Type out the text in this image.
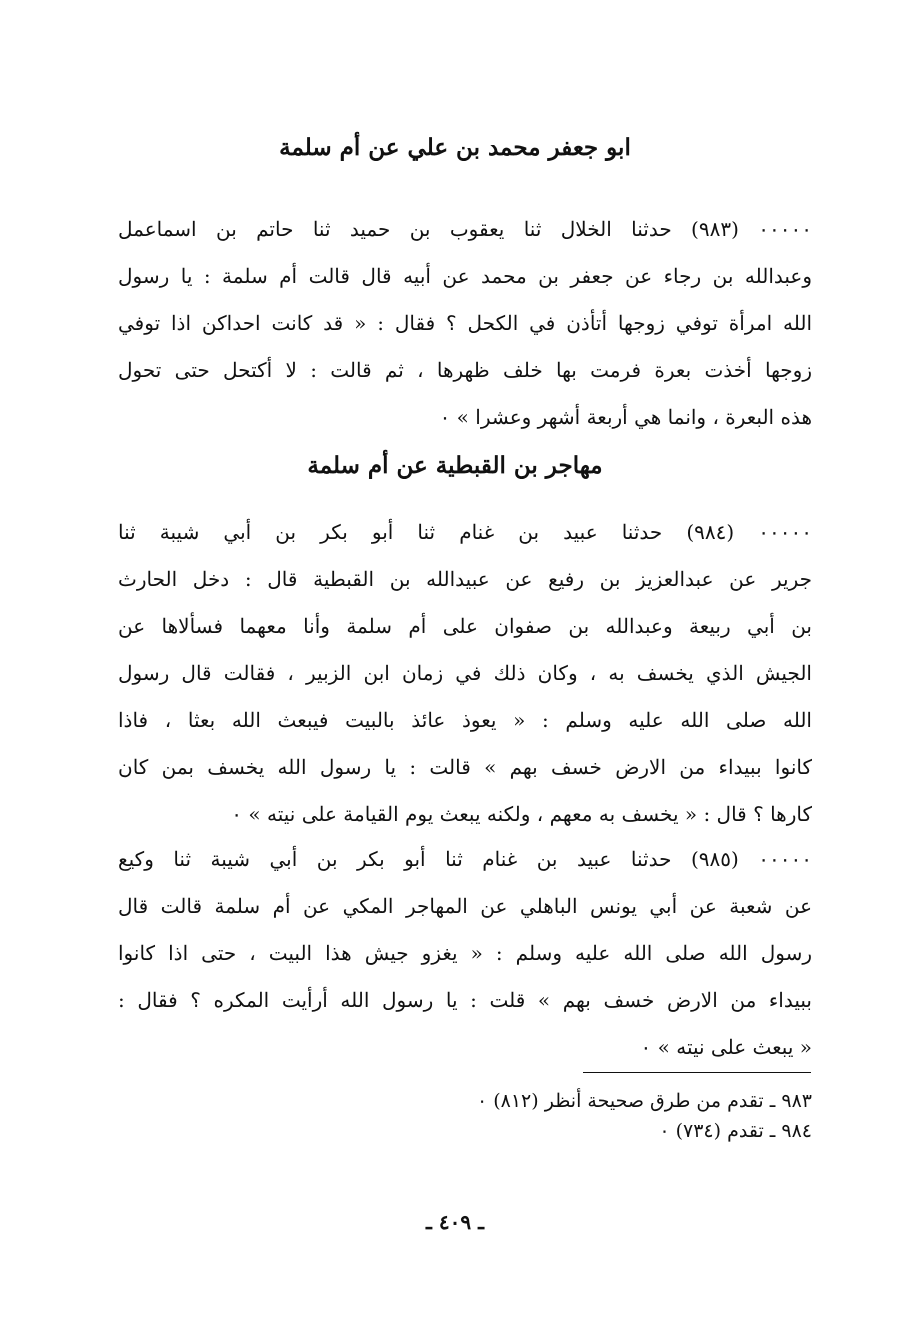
ابو جعفر محمد بن علي عن أم سلمة
٠٠٠٠٠ (٩٨٣) حدثنا الخلال ثنا يعقوب بن حميد ثنا حاتم بن اسماعمل
وعبدالله بن رجاء عن جعفر بن محمد عن أبيه قال قالت أم سلمة : يا رسول
الله امرأة توفي زوجها أتأذن في الكحل ؟ فقال : « قد كانت احداكن اذا توفي
زوجها أخذت بعرة فرمت بها خلف ظهرها ، ثم قالت : لا أكتحل حتى تحول
هذه البعرة ، وانما هي أربعة أشهر وعشرا » ٠
مهاجر بن القبطية عن أم سلمة
٠٠٠٠٠ (٩٨٤) حدثنا عبيد بن غنام ثنا أبو بكر بن أبي شيبة ثنا
جرير عن عبدالعزيز بن رفيع عن عبيدالله بن القبطية قال : دخل الحارث
بن أبي ربيعة وعبدالله بن صفوان على أم سلمة وأنا معهما فسألاها عن
الجيش الذي يخسف به ، وكان ذلك في زمان ابن الزبير ، فقالت قال رسول
الله صلى الله عليه وسلم : « يعوذ عائذ بالبيت فيبعث الله بعثا ، فاذا
كانوا ببيداء من الارض خسف بهم » قالت : يا رسول الله يخسف بمن كان
كارها ؟ قال : « يخسف به معهم ، ولكنه يبعث يوم القيامة على نيته » ٠
٠٠٠٠٠ (٩٨٥) حدثنا عبيد بن غنام ثنا أبو بكر بن أبي شيبة ثنا وكيع
عن شعبة عن أبي يونس الباهلي عن المهاجر المكي عن أم سلمة قالت قال
رسول الله صلى الله عليه وسلم : « يغزو جيش هذا البيت ، حتى اذا كانوا
ببيداء من الارض خسف بهم » قلت : يا رسول الله أرأيت المكره ؟ فقال :
« يبعث على نيته » ٠
٩٨٣ ـ تقدم من طرق صحيحة أنظر (٨١٢) ٠
٩٨٤ ـ تقدم (٧٣٤) ٠
ـ ٤٠٩ ـ
